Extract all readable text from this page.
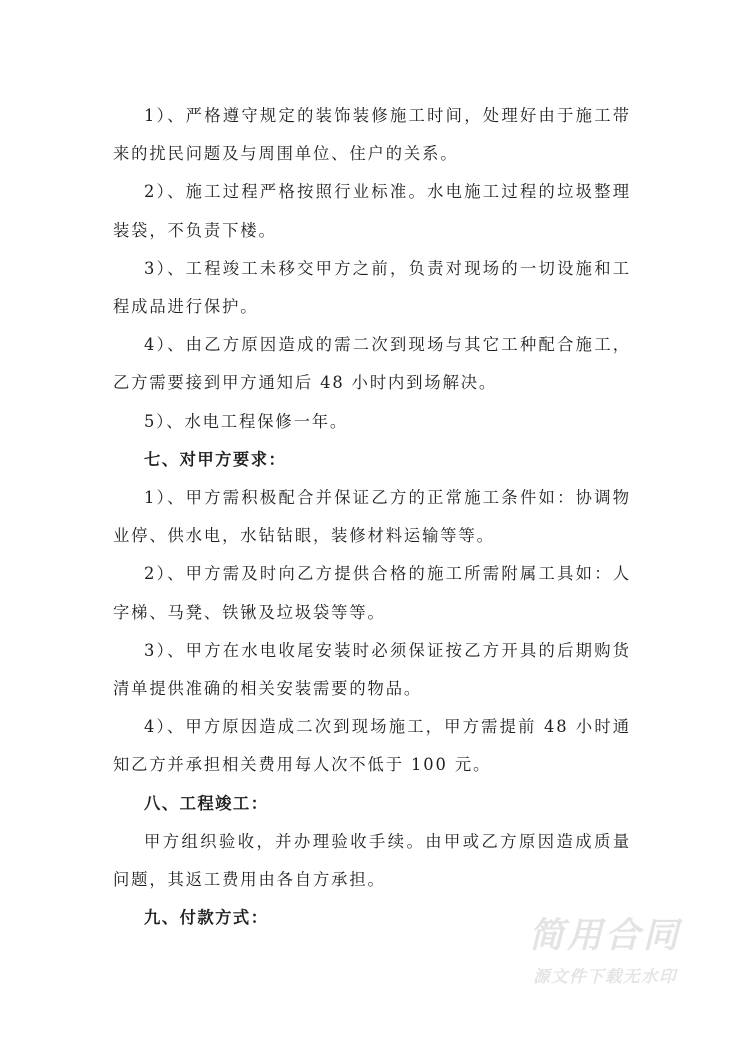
1）、严格遵守规定的装饰装修施工时间，处理好由于施工带来的扰民问题及与周围单位、住户的关系。

2）、施工过程严格按照行业标准。水电施工过程的垃圾整理装袋，不负责下楼。

3）、工程竣工未移交甲方之前，负责对现场的一切设施和工程成品进行保护。

4）、由乙方原因造成的需二次到现场与其它工种配合施工，乙方需要接到甲方通知后 48 小时内到场解决。

5）、水电工程保修一年。

七、对甲方要求：

1）、甲方需积极配合并保证乙方的正常施工条件如：协调物业停、供水电，水钻钻眼，装修材料运输等等。

2）、甲方需及时向乙方提供合格的施工所需附属工具如：人字梯、马凳、铁锹及垃圾袋等等。

3）、甲方在水电收尾安装时必须保证按乙方开具的后期购货清单提供准确的相关安装需要的物品。

4）、甲方原因造成二次到现场施工，甲方需提前 48 小时通知乙方并承担相关费用每人次不低于 100 元。

八、工程竣工：

甲方组织验收，并办理验收手续。由甲或乙方原因造成质量问题，其返工费用由各自方承担。

九、付款方式：	简用合同
源文件下载无水印
